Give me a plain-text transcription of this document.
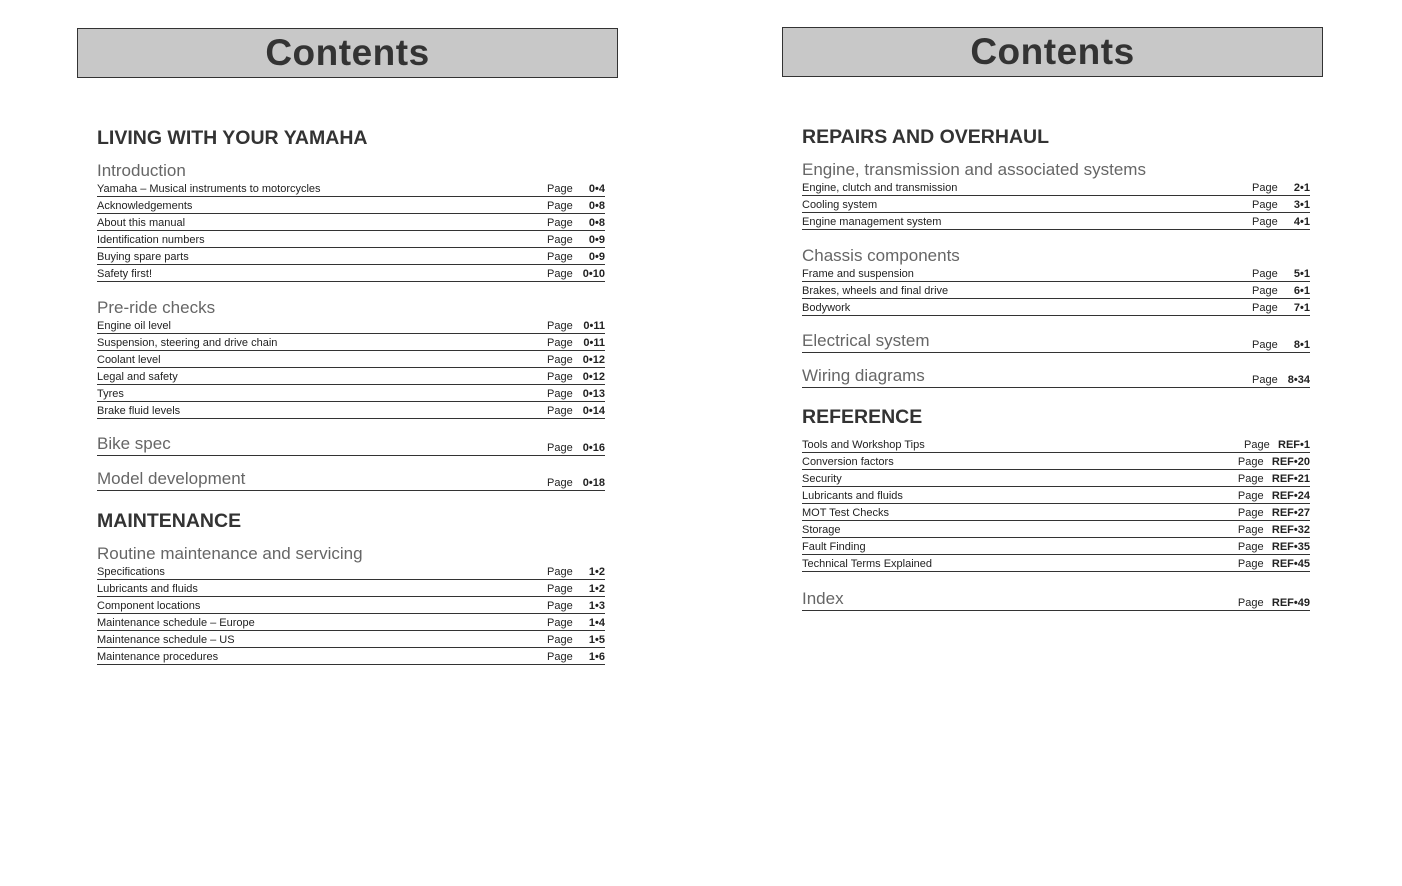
Contents
LIVING WITH YOUR YAMAHA
Introduction
Yamaha – Musical instruments to motorcycles	Page	0•4
Acknowledgements	Page	0•8
About this manual	Page	0•8
Identification numbers	Page	0•9
Buying spare parts	Page	0•9
Safety first!	Page 0•10
Pre-ride checks
Engine oil level	Page 0•11
Suspension, steering and drive chain	Page 0•11
Coolant level	Page 0•12
Legal and safety	Page 0•12
Tyres	Page 0•13
Brake fluid levels	Page 0•14
Bike spec	Page 0•16
Model development	Page 0•18
MAINTENANCE
Routine maintenance and servicing
Specifications	Page	1•2
Lubricants and fluids	Page	1•2
Component locations	Page	1•3
Maintenance schedule – Europe	Page	1•4
Maintenance schedule – US	Page	1•5
Maintenance procedures	Page	1•6
Contents
REPAIRS AND OVERHAUL
Engine, transmission and associated systems
Engine, clutch and transmission	Page	2•1
Cooling system	Page	3•1
Engine management system	Page	4•1
Chassis components
Frame and suspension	Page	5•1
Brakes, wheels and final drive	Page	6•1
Bodywork	Page	7•1
Electrical system	Page	8•1
Wiring diagrams	Page 8•34
REFERENCE
Tools and Workshop Tips	Page REF•1
Conversion factors	Page REF•20
Security	Page REF•21
Lubricants and fluids	Page REF•24
MOT Test Checks	Page REF•27
Storage	Page REF•32
Fault Finding	Page REF•35
Technical Terms Explained	Page REF•45
Index	Page REF•49
